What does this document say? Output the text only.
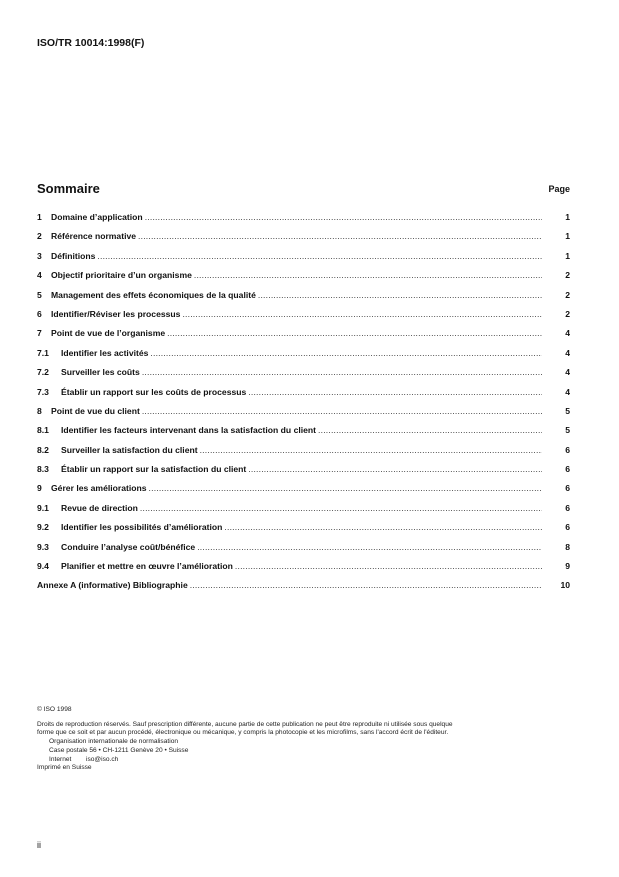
ISO/TR 10014:1998(F)
Sommaire	Page
1	Domaine d’application .....	1
2	Référence normative .....	1
3	Définitions .....	1
4	Objectif prioritaire d’un organisme .....	2
5	Management des effets économiques de la qualité .....	2
6	Identifier/Réviser les processus .....	2
7	Point de vue de l’organisme .....	4
7.1	Identifier les activités .....	4
7.2	Surveiller les coûts .....	4
7.3	Établir un rapport sur les coûts de processus .....	4
8	Point de vue du client .....	5
8.1	Identifier les facteurs intervenant dans la satisfaction du client .....	5
8.2	Surveiller la satisfaction du client .....	6
8.3	Établir un rapport sur la satisfaction du client .....	6
9	Gérer les améliorations .....	6
9.1	Revue de direction .....	6
9.2	Identifier les possibilités d’amélioration .....	6
9.3	Conduire l’analyse coût/bénéfice .....	8
9.4	Planifier et mettre en œuvre l’amélioration .....	9
Annexe A (informative) Bibliographie .....	10
© ISO 1998
Droits de reproduction réservés. Sauf prescription différente, aucune partie de cette publication ne peut être reproduite ni utilisée sous quelque
forme que ce soit et par aucun procédé, électronique ou mécanique, y compris la photocopie et les microfilms, sans l'accord écrit de l'éditeur.
Organisation internationale de normalisation
Case postale 56 • CH-1211 Genève 20 • Suisse
Internet iso@iso.ch
Imprimé en Suisse
ii
